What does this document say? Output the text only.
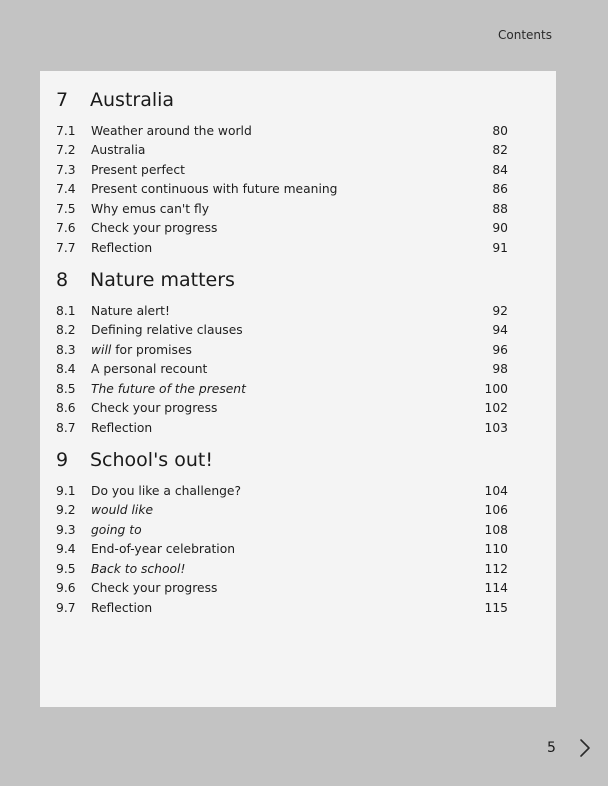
Contents
7	Australia
7.1	Weather around the world	80
7.2	Australia	82
7.3	Present perfect	84
7.4	Present continuous with future meaning	86
7.5	Why emus can't fly	88
7.6	Check your progress	90
7.7	Reflection	91
8	Nature matters
8.1	Nature alert!	92
8.2	Defining relative clauses	94
8.3	will for promises	96
8.4	A personal recount	98
8.5	The future of the present	100
8.6	Check your progress	102
8.7	Reflection	103
9	School's out!
9.1	Do you like a challenge?	104
9.2	would like	106
9.3	going to	108
9.4	End-of-year celebration	110
9.5	Back to school!	112
9.6	Check your progress	114
9.7	Reflection	115
5
